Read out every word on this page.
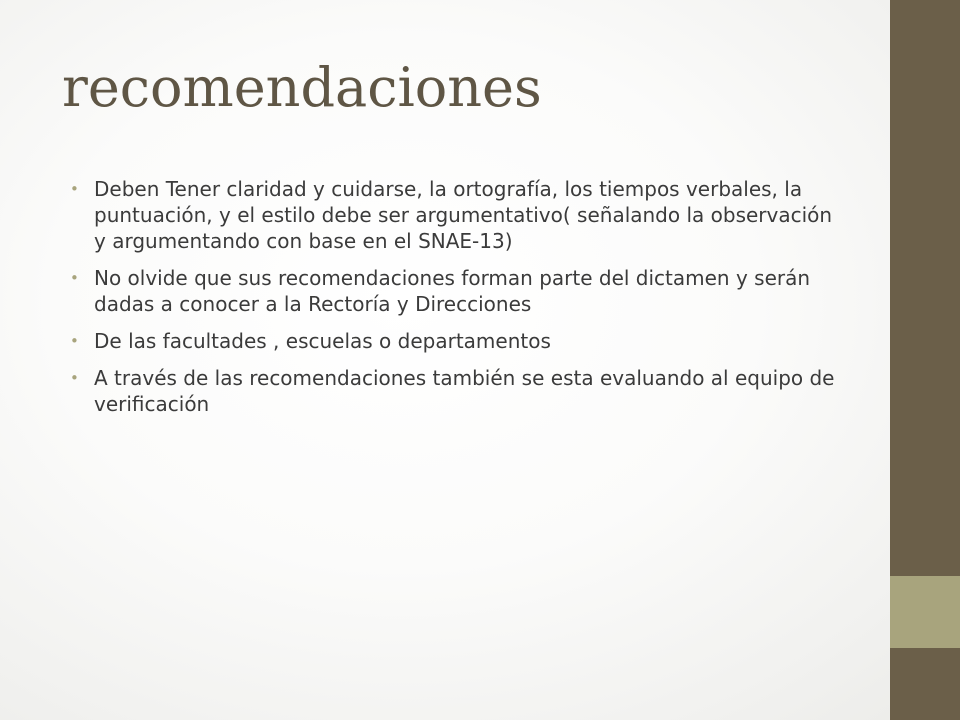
recomendaciones
• Deben Tener claridad y cuidarse, la ortografía, los tiempos verbales, la puntuación, y el estilo debe ser argumentativo( señalando la observación y argumentando con base en el SNAE-13)
• No olvide que sus recomendaciones forman parte del dictamen y serán dadas a conocer a la Rectoría y Direcciones
• De las facultades , escuelas o departamentos
• A través de las recomendaciones también se esta evaluando al equipo de verificación
